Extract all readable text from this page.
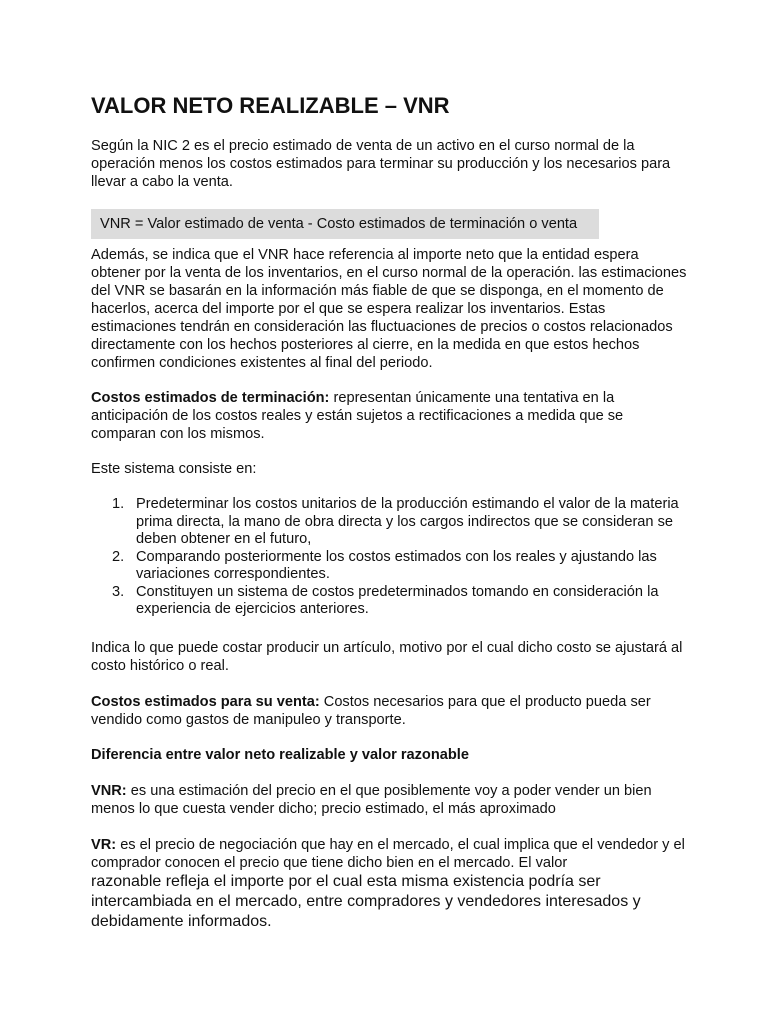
VALOR NETO REALIZABLE – VNR

Según la NIC 2 es el precio estimado de venta de un activo en el curso normal de la operación menos los costos estimados para terminar su producción y los necesarios para llevar a cabo la venta.

VNR = Valor estimado de venta - Costo estimados de terminación o venta

Además, se indica que el VNR hace referencia al importe neto que la entidad espera obtener por la venta de los inventarios, en el curso normal de la operación. las estimaciones del VNR se basarán en la información más fiable de que se disponga, en el momento de hacerlos, acerca del importe por el que se espera realizar los inventarios. Estas estimaciones tendrán en consideración las fluctuaciones de precios o costos relacionados directamente con los hechos posteriores al cierre, en la medida en que estos hechos confirmen condiciones existentes al final del periodo.

Costos estimados de terminación: representan únicamente una tentativa en la anticipación de los costos reales y están sujetos a rectificaciones a medida que se comparan con los mismos.

Este sistema consiste en:

1. Predeterminar los costos unitarios de la producción estimando el valor de la materia prima directa, la mano de obra directa y los cargos indirectos que se consideran se deben obtener en el futuro,
2. Comparando posteriormente los costos estimados con los reales y ajustando las variaciones correspondientes.
3. Constituyen un sistema de costos predeterminados tomando en consideración la experiencia de ejercicios anteriores.

Indica lo que puede costar producir un artículo, motivo por el cual dicho costo se ajustará al costo histórico o real.

Costos estimados para su venta: Costos necesarios para que el producto pueda ser vendido como gastos de manipuleo y transporte.

Diferencia entre valor neto realizable y valor razonable

VNR: es una estimación del precio en el que posiblemente voy a poder vender un bien menos lo que cuesta vender dicho; precio estimado, el más aproximado

VR: es el precio de negociación que hay en el mercado, el cual implica que el vendedor y el comprador conocen el precio que tiene dicho bien en el mercado. El valor

razonable refleja el importe por el cual esta misma existencia podría ser intercambiada en el mercado, entre compradores y vendedores interesados y debidamente informados.
